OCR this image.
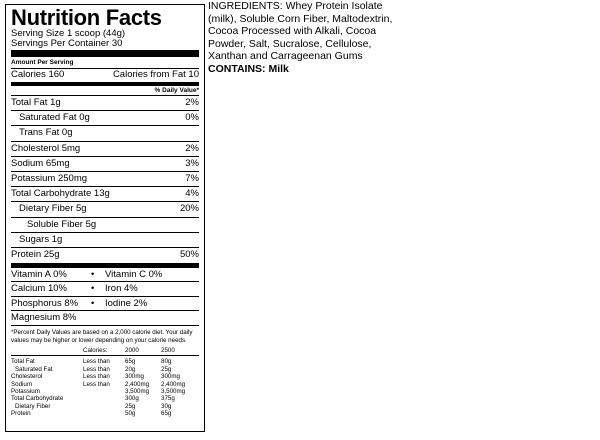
Nutrition Facts
Serving Size 1 scoop (44g)
Servings Per Container 30
Amount Per Serving
Calories 160	Calories from Fat 10
% Daily Value*
Total Fat 1g	2%
Saturated Fat 0g	0%
Trans Fat 0g
Cholesterol 5mg	2%
Sodium 65mg	3%
Potassium 250mg	7%
Total Carbohydrate 13g	4%
Dietary Fiber 5g	20%
Soluble Fiber 5g
Sugars 1g
Protein 25g	50%
Vitamin A 0%	•	Vitamin C 0%
Calcium 10%	•	Iron 4%
Phosphorus 8%	•	Iodine 2%
Magnesium 8%
*Percent Daily Values are based on a 2,000 calorie diet. Your daily values may be higher or lower depending on your calorie needs.
	Calories:	2000	2500
Total Fat	Less than	65g	80g
Saturated Fat	Less than	20g	25g
Cholesterol	Less than	300mg	300mg
Sodium	Less than	2,400mg	2,400mg
Potassium		3,500mg	3,500mg
Total Carbohydrate		300g	375g
Dietary Fiber		25g	30g
Protein		50g	65g
INGREDIENTS: Whey Protein Isolate (milk), Soluble Corn Fiber, Maltodextrin, Cocoa Processed with Alkali, Cocoa Powder, Salt, Sucralose, Cellulose, Xanthan and Carrageenan Gums
CONTAINS: Milk
